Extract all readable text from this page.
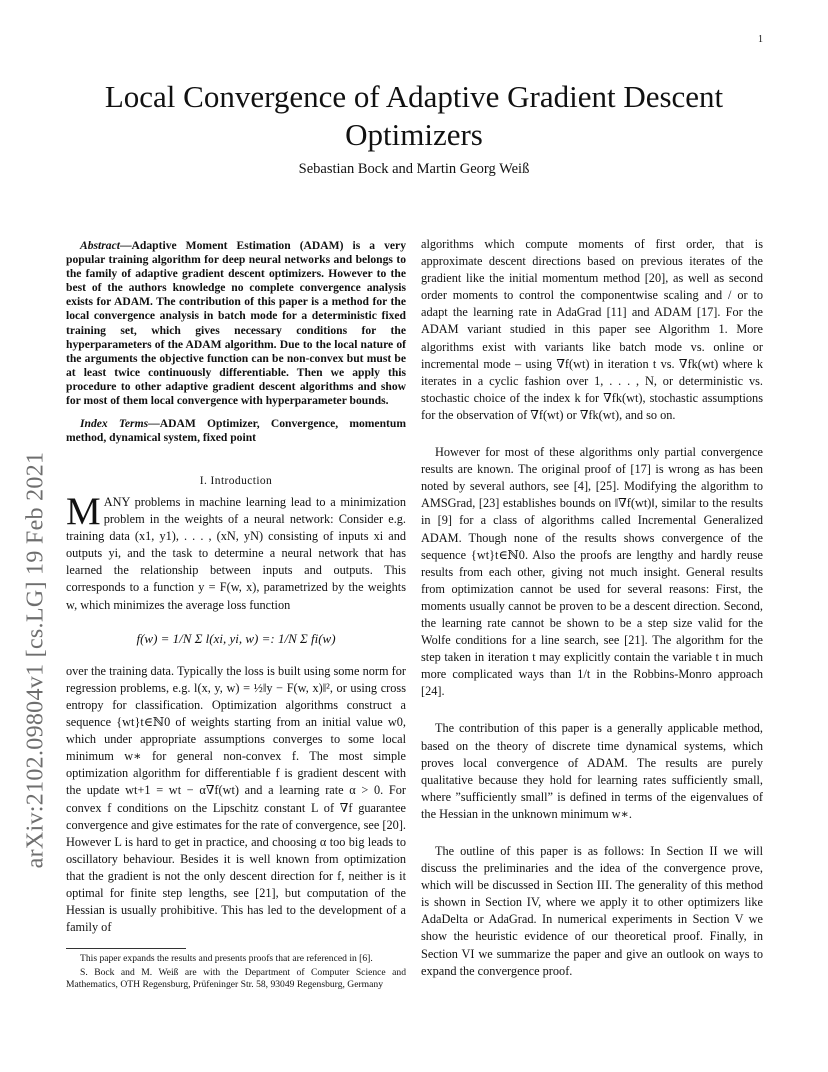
1
arXiv:2102.09804v1 [cs.LG] 19 Feb 2021
Local Convergence of Adaptive Gradient Descent Optimizers
Sebastian Bock and Martin Georg Weiß

Abstract—Adaptive Moment Estimation (ADAM) is a very popular training algorithm for deep neural networks and belongs to the family of adaptive gradient descent optimizers. However to the best of the authors knowledge no complete convergence analysis exists for ADAM. The contribution of this paper is a method for the local convergence analysis in batch mode for a deterministic fixed training set, which gives necessary conditions for the hyperparameters of the ADAM algorithm. Due to the local nature of the arguments the objective function can be non-convex but must be at least twice continuously differentiable. Then we apply this procedure to other adaptive gradient descent algorithms and show for most of them local convergence with hyperparameter bounds.

Index Terms—ADAM Optimizer, Convergence, momentum method, dynamical system, fixed point

I. Introduction

MANY problems in machine learning lead to a minimization problem in the weights of a neural network: Consider e.g. training data (x1, y1), . . . , (xN, yN) consisting of inputs xi and outputs yi, and the task to determine a neural network that has learned the relationship between inputs and outputs. This corresponds to a function y = F(w, x), parametrized by the weights w, which minimizes the average loss function

f(w) = 1/N Σ l(xi, yi, w) =: 1/N Σ fi(w)

over the training data. Typically the loss is built using some norm for regression problems, e.g. l(x, y, w) = ½‖y − F(w, x)‖², or using cross entropy for classification. Optimization algorithms construct a sequence {wt}t∈ℕ0 of weights starting from an initial value w0, which under appropriate assumptions converges to some local minimum w∗ for general non-convex f. The most simple optimization algorithm for differentiable f is gradient descent with the update wt+1 = wt − α∇f(wt) and a learning rate α > 0. For convex f conditions on the Lipschitz constant L of ∇f guarantee convergence and give estimates for the rate of convergence, see [20]. However L is hard to get in practice, and choosing α too big leads to oscillatory behaviour. Besides it is well known from optimization that the gradient is not the only descent direction for f, neither is it optimal for finite step lengths, see [21], but computation of the Hessian is usually prohibitive. This has led to the development of a family of

This paper expands the results and presents proofs that are referenced in [6].

S. Bock and M. Weiß are with the Department of Computer Science and Mathematics, OTH Regensburg, Prüfeninger Str. 58, 93049 Regensburg, Germany

algorithms which compute moments of first order, that is approximate descent directions based on previous iterates of the gradient like the initial momentum method [20], as well as second order moments to control the componentwise scaling and / or to adapt the learning rate in AdaGrad [11] and ADAM [17]. For the ADAM variant studied in this paper see Algorithm 1. More algorithms exist with variants like batch mode vs. online or incremental mode – using ∇f(wt) in iteration t vs. ∇fk(wt) where k iterates in a cyclic fashion over 1, . . . , N, or deterministic vs. stochastic choice of the index k for ∇fk(wt), stochastic assumptions for the observation of ∇f(wt) or ∇fk(wt), and so on.

However for most of these algorithms only partial convergence results are known. The original proof of [17] is wrong as has been noted by several authors, see [4], [25]. Modifying the algorithm to AMSGrad, [23] establishes bounds on ‖∇f(wt)‖, similar to the results in [9] for a class of algorithms called Incremental Generalized ADAM. Though none of the results shows convergence of the sequence {wt}t∈ℕ0. Also the proofs are lengthy and hardly reuse results from each other, giving not much insight. General results from optimization cannot be used for several reasons: First, the moments usually cannot be proven to be a descent direction. Second, the learning rate cannot be shown to be a step size valid for the Wolfe conditions for a line search, see [21]. The algorithm for the step taken in iteration t may explicitly contain the variable t in much more complicated ways than 1/t in the Robbins-Monro approach [24].

The contribution of this paper is a generally applicable method, based on the theory of discrete time dynamical systems, which proves local convergence of ADAM. The results are purely qualitative because they hold for learning rates sufficiently small, where ”sufficiently small” is defined in terms of the eigenvalues of the Hessian in the unknown minimum w∗.

The outline of this paper is as follows: In Section II we will discuss the preliminaries and the idea of the convergence prove, which will be discussed in Section III. The generality of this method is shown in Section IV, where we apply it to other optimizers like AdaDelta or AdaGrad. In numerical experiments in Section V we show the heuristic evidence of our theoretical proof. Finally, in Section VI we summarize the paper and give an outlook on ways to expand the convergence proof.
